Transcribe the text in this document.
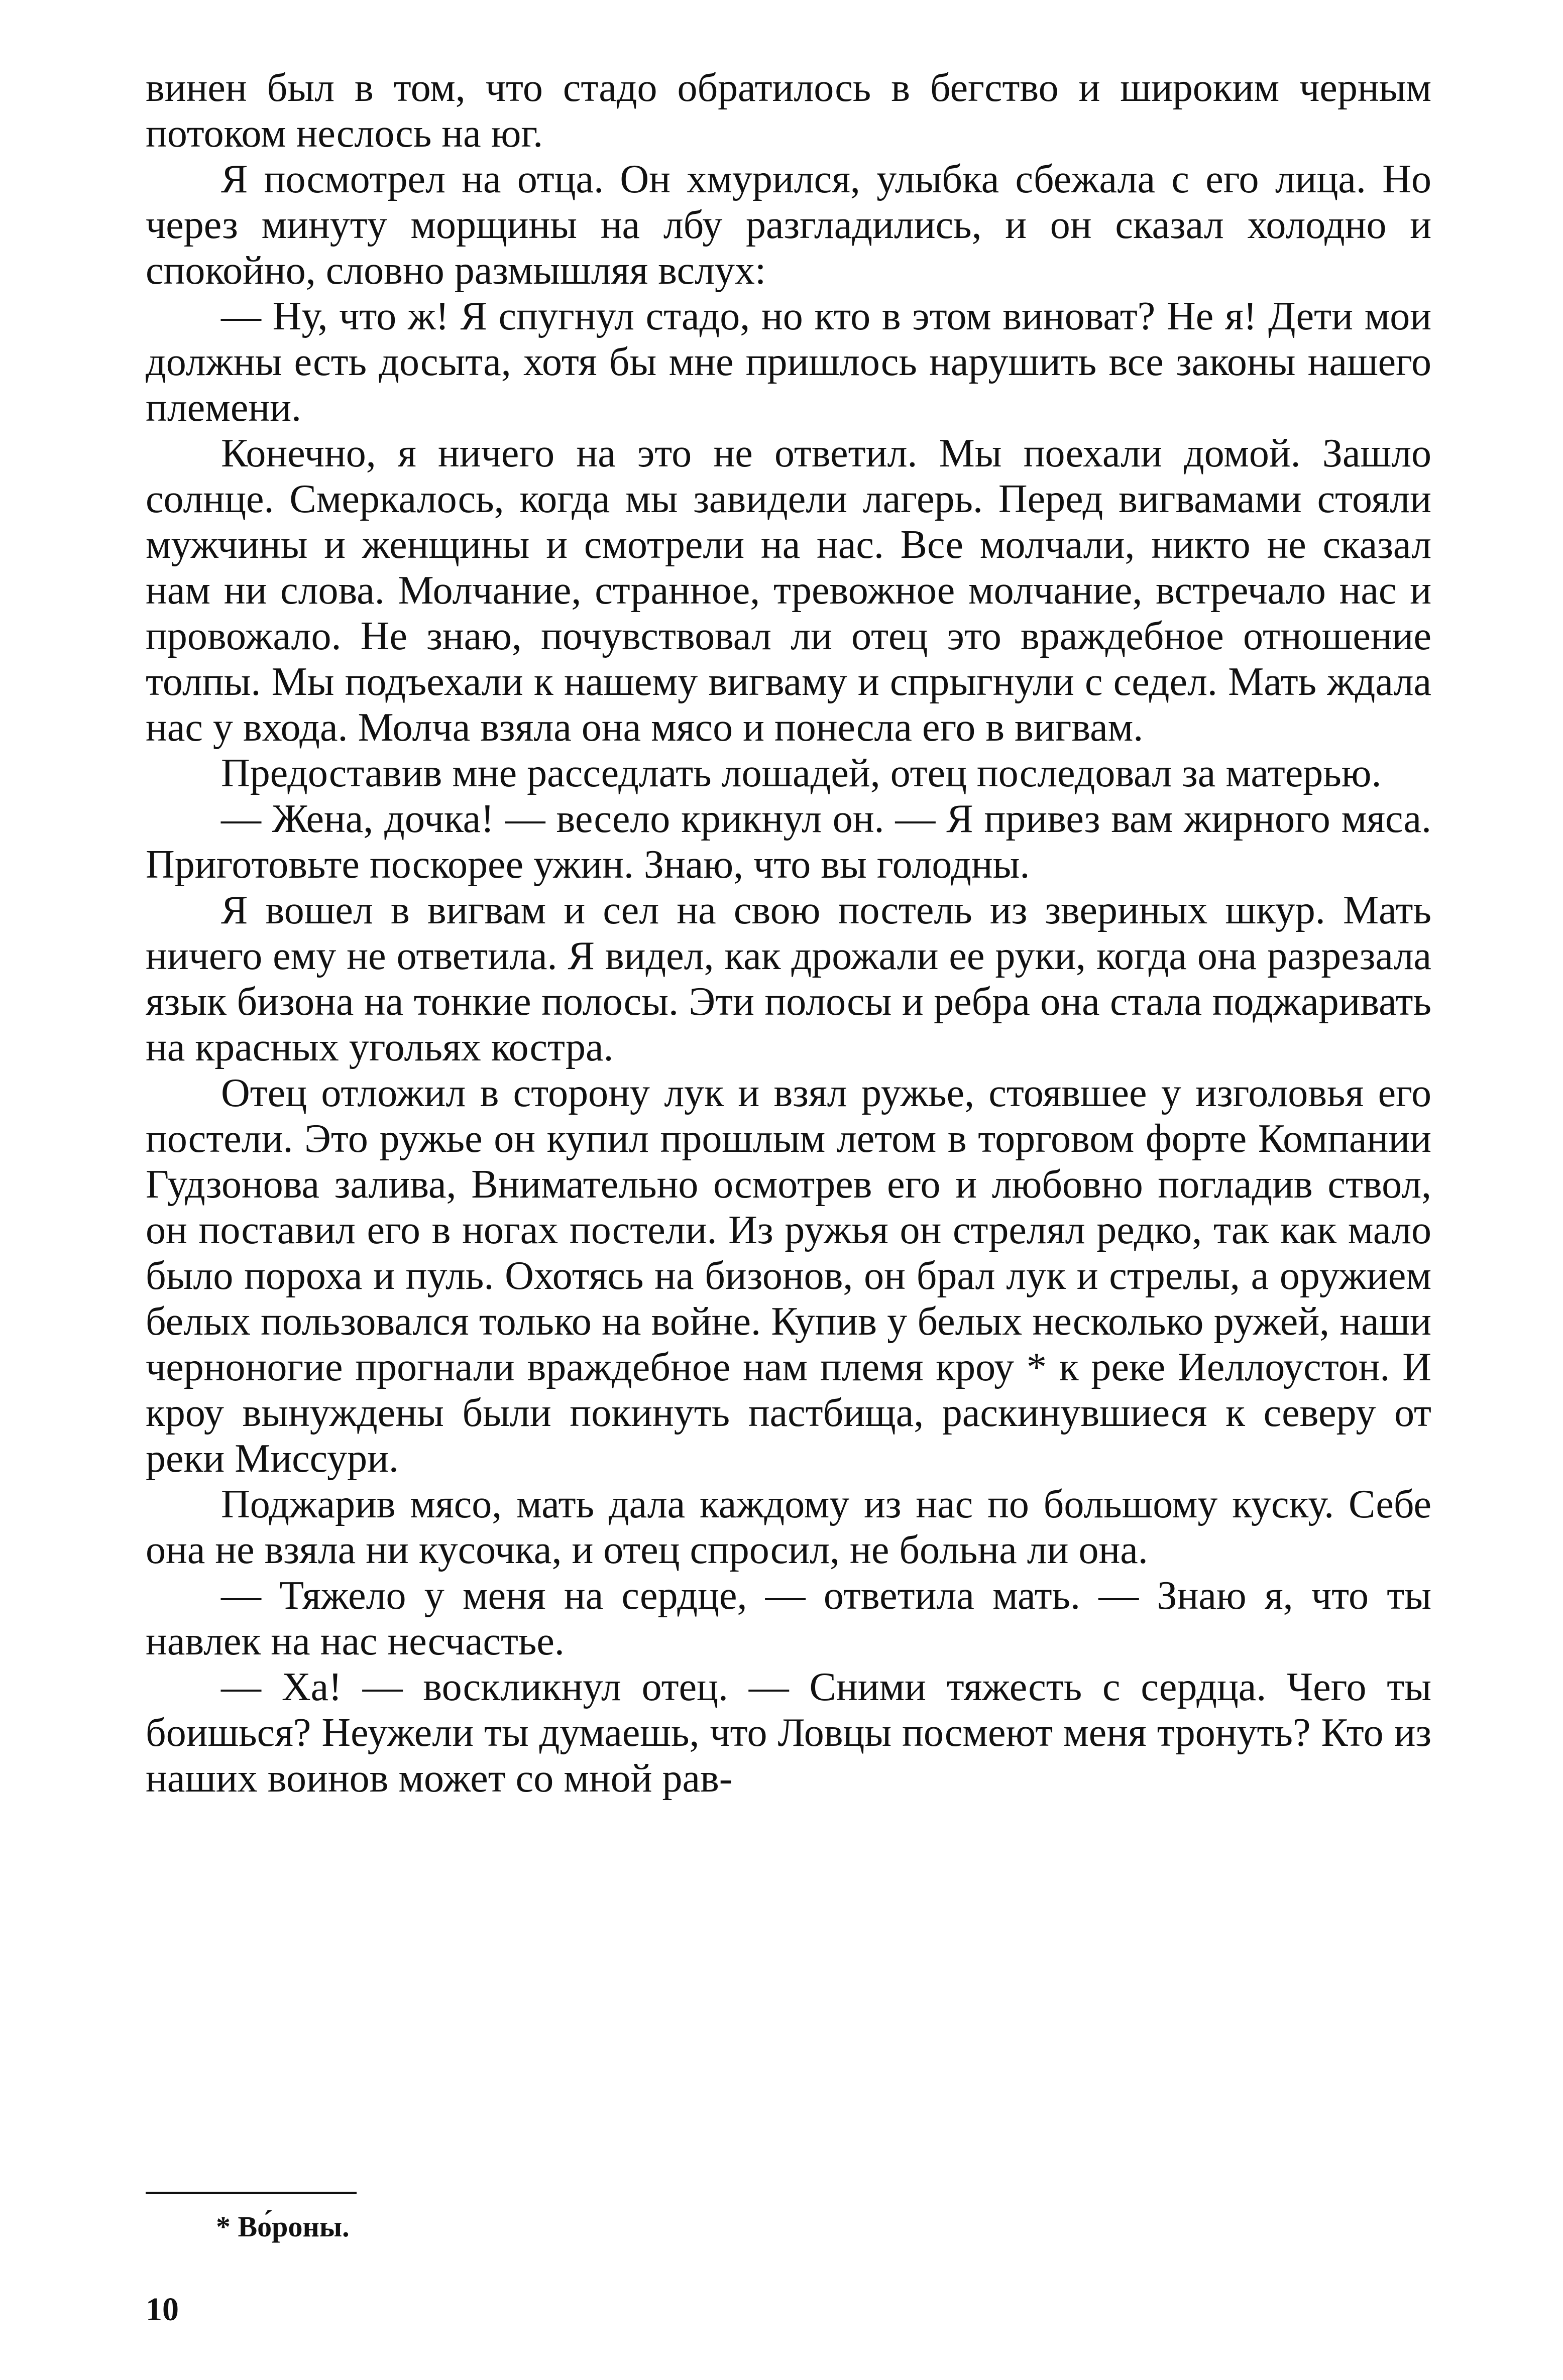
винен был в том, что стадо обратилось в бегство и широким черным потоком неслось на юг.

Я посмотрел на отца. Он хмурился, улыбка сбежала с его лица. Но через минуту морщины на лбу разгладились, и он сказал холодно и спокойно, словно размышляя вслух:

— Ну, что ж! Я спугнул стадо, но кто в этом виноват? Не я! Дети мои должны есть досыта, хотя бы мне пришлось нарушить все законы нашего племени.

Конечно, я ничего на это не ответил. Мы поехали домой. Зашло солнце. Смеркалось, когда мы завидели лагерь. Перед вигвамами стояли мужчины и женщины и смотрели на нас. Все молчали, никто не сказал нам ни слова. Молчание, странное, тревожное молчание, встречало нас и провожало. Не знаю, почувствовал ли отец это враждебное отношение толпы. Мы подъехали к нашему вигваму и спрыгнули с седел. Мать ждала нас у входа. Молча взяла она мясо и понесла его в вигвам.

Предоставив мне расседлать лошадей, отец последовал за матерью.

— Жена, дочка! — весело крикнул он. — Я привез вам жирного мяса. Приготовьте поскорее ужин. Знаю, что вы голодны.

Я вошел в вигвам и сел на свою постель из звериных шкур. Мать ничего ему не ответила. Я видел, как дрожали ее руки, когда она разрезала язык бизона на тонкие полосы. Эти полосы и ребра она стала поджаривать на красных угольях костра.

Отец отложил в сторону лук и взял ружье, стоявшее у изголовья его постели. Это ружье он купил прошлым летом в торговом форте Компании Гудзонова залива, Внимательно осмотрев его и любовно погладив ствол, он поставил его в ногах постели. Из ружья он стрелял редко, так как мало было пороха и пуль. Охотясь на бизонов, он брал лук и стрелы, а оружием белых пользовался только на войне. Купив у белых несколько ружей, наши черноногие прогнали враждебное нам племя кроу * к реке Иеллоустон. И кроу вынуждены были покинуть пастбища, раскинувшиеся к северу от реки Миссури.

Поджарив мясо, мать дала каждому из нас по большому куску. Себе она не взяла ни кусочка, и отец спросил, не больна ли она.

— Тяжело у меня на сердце, — ответила мать. — Знаю я, что ты навлек на нас несчастье.

— Ха! — воскликнул отец. — Сними тяжесть с сердца. Чего ты боишься? Неужели ты думаешь, что Ловцы посмеют меня тронуть? Кто из наших воинов может со мной рав-

* Во́роны.
10
